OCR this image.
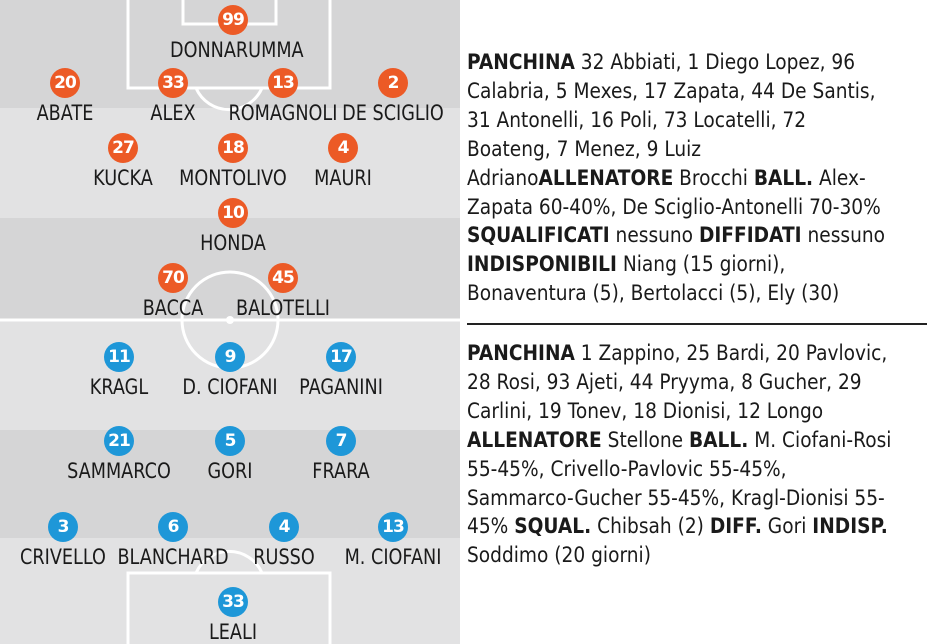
99
DONNARUMMA
20
ABATE
33
ALEX
13
ROMAGNOLI
2
DE SCIGLIO
27
KUCKA
18
MONTOLIVO
4
MAURI
10
HONDA
70
BACCA
45
BALOTELLI
11
KRAGL
9
D. CIOFANI
17
PAGANINI
21
SAMMARCO
5
GORI
7
FRARA
3
CRIVELLO
6
BLANCHARD
4
RUSSO
13
M. CIOFANI
33
LEALI
PANCHINA 32 Abbiati, 1 Diego Lopez, 96 Calabria, 5 Mexes, 17 Zapata, 44 De Santis, 31 Antonelli, 16 Poli, 73 Locatelli, 72 Boateng, 7 Menez, 9 Luiz AdrianoALLENATORE Brocchi BALL. Alex-Zapata 60-40%, De Sciglio-Antonelli 70-30% SQUALIFICATI nessuno DIFFIDATI nessuno INDISPONIBILI Niang (15 giorni), Bonaventura (5), Bertolacci (5), Ely (30)
PANCHINA 1 Zappino, 25 Bardi, 20 Pavlovic, 28 Rosi, 93 Ajeti, 44 Pryyma, 8 Gucher, 29 Carlini, 19 Tonev, 18 Dionisi, 12 Longo ALLENATORE Stellone BALL. M. Ciofani-Rosi 55-45%, Crivello-Pavlovic 55-45%, Sammarco-Gucher 55-45%, Kragl-Dionisi 55-45% SQUAL. Chibsah (2) DIFF. Gori INDISP. Soddimo (20 giorni)
